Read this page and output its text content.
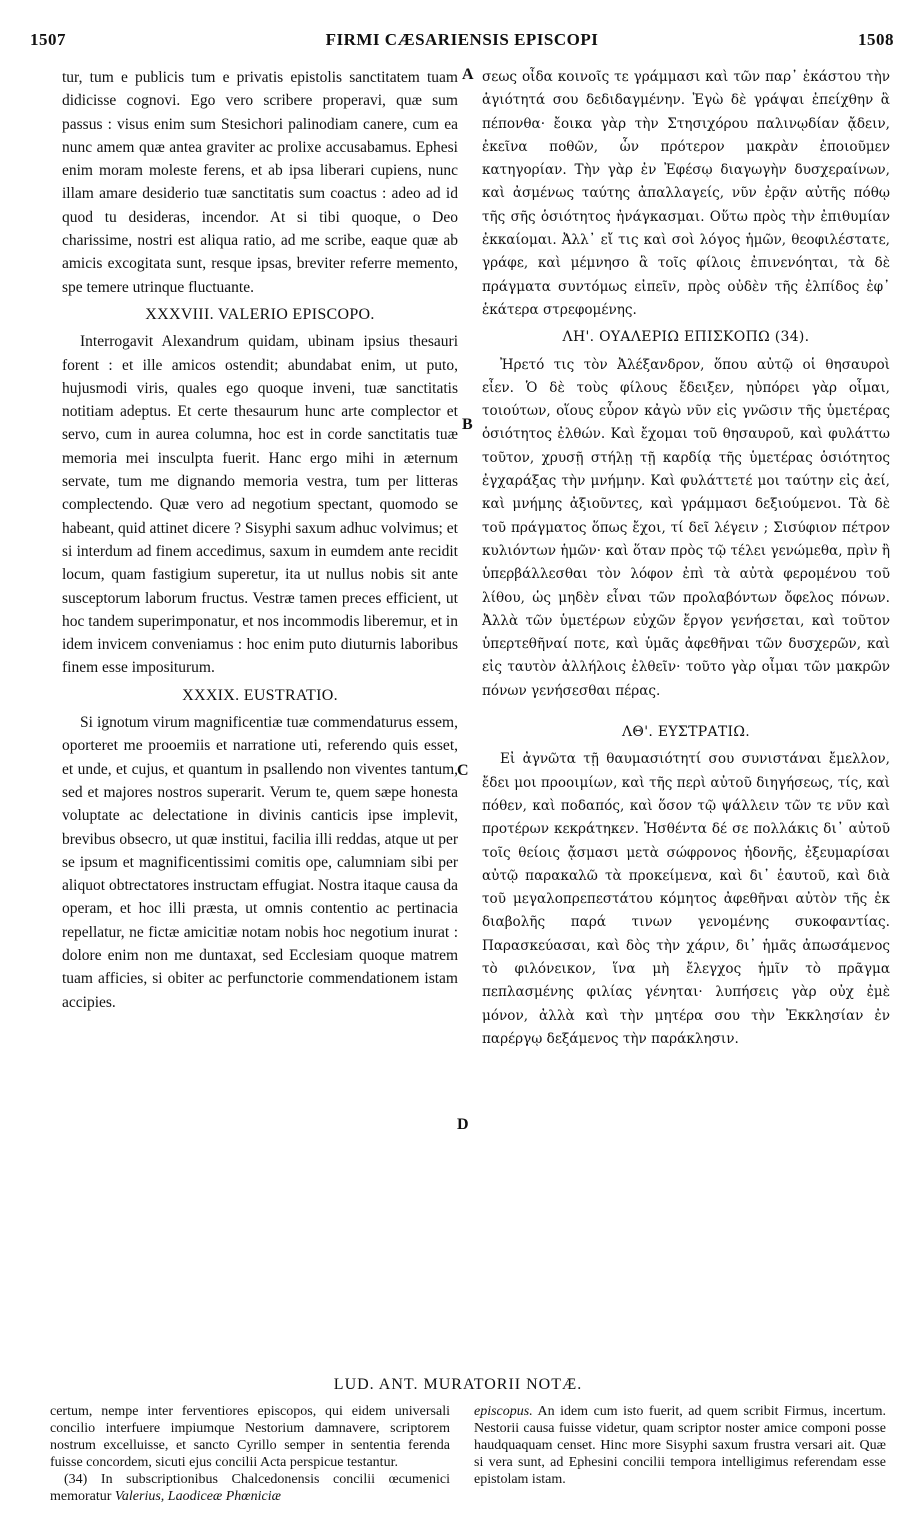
1507	FIRMI CÆSARIENSIS EPISCOPI	1508

tur, tum e publicis tum e privatis epistolis sanctitatem tuam didicisse cognovi. Ego vero scribere properavi, quæ sum passus : visus enim sum Stesichori palinodiam canere, cum ea nunc amem quæ antea graviter ac prolixe accusabamus. Ephesi enim moram moleste ferens, et ab ipsa liberari cupiens, nunc illam amare desiderio tuæ sanctitatis sum coactus : adeo ad id quod tu desideras, incendor. At si tibi quoque, o Deo charissime, nostri est aliqua ratio, ad me scribe, eaque quæ ab amicis excogitata sunt, resque ipsas, breviter referre memento, spe temere utrinque fluctuante.

XXXVIII. VALERIO EPISCOPO.

Interrogavit Alexandrum quidam, ubinam ipsius thesauri forent : et ille amicos ostendit; abundabat enim, ut puto, hujusmodi viris, quales ego quoque inveni, tuæ sanctitatis notitiam adeptus. Et certe thesaurum hunc arte complector et servo, cum in aurea columna, hoc est in corde sanctitatis tuæ memoria mei insculpta fuerit. Hanc ergo mihi in æternum servate, tum me dignando memoria vestra, tum per litteras complectendo. Quæ vero ad negotium spectant, quomodo se habeant, quid attinet dicere ? Sisyphi saxum adhuc volvimus; et si interdum ad finem accedimus, saxum in eumdem ante recidit locum, quam fastigium superetur, ita ut nullus nobis sit ante susceptorum laborum fructus. Vestræ tamen preces efficient, ut hoc tandem superimponatur, et nos incommodis liberemur, et in idem invicem conveniamus : hoc enim puto diuturnis laboribus finem esse impositurum.

XXXIX. EUSTRATIO.

Si ignotum virum magnificentiæ tuæ commendaturus essem, oporteret me prooemiis et narratione uti, referendo quis esset, et unde, et cujus, et quantum in psallendo non viventes tantum, sed et majores nostros superarit. Verum te, quem sæpe honesta voluptate ac delectatione in divinis canticis ipse implevit, brevibus obsecro, ut quæ institui, facilia illi reddas, atque ut per se ipsum et magnificentissimi comitis ope, calumniam sibi per aliquot obtrectatores instructam effugiat. Nostra itaque causa da operam, et hoc illi præsta, ut omnis contentio ac pertinacia repellatur, ne fictæ amicitiæ notam nobis hoc negotium inurat : dolore enim non me duntaxat, sed Ecclesiam quoque matrem tuam afficies, si obiter ac perfunctorie commendationem istam accipies.

A
B
C
D

σεως οἶδα κοινοῖς τε γράμμασι καὶ τῶν παρ᾽ ἑκάστου τὴν ἁγιότητά σου δεδιδαγμένην. Ἐγὼ δὲ γράψαι ἐπείχθην ἃ πέπονθα· ἔοικα γὰρ τὴν Στησιχόρου παλινῳδίαν ᾄδειν, ἐκεῖνα ποθῶν, ὧν πρότερον μακρὰν ἐποιοῦμεν κατηγορίαν. Τὴν γὰρ ἐν Ἐφέσῳ διαγωγὴν δυσχεραίνων, καὶ ἀσμένως ταύτης ἀπαλλαγείς, νῦν ἐρᾷν αὐτῆς πόθῳ τῆς σῆς ὁσιότητος ἠνάγκασμαι. Οὕτω πρὸς τὴν ἐπιθυμίαν ἐκκαίομαι. Ἀλλ᾽ εἴ τις καὶ σοὶ λόγος ἡμῶν, θεοφιλέστατε, γράφε, καὶ μέμνησο ἃ τοῖς φίλοις ἐπινενόηται, τὰ δὲ πράγματα συντόμως εἰπεῖν, πρὸς οὐδὲν τῆς ἐλπίδος ἐφ᾽ ἑκάτερα στρεφομένης.

ΛΗ'. ΟΥΑΛΕΡΙΩ ΕΠΙΣΚΟΠΩ (34).

Ἠρετό τις τὸν Ἀλέξανδρον, ὅπου αὐτῷ οἱ θησαυροὶ εἶεν. Ὁ δὲ τοὺς φίλους ἔδειξεν, ηὐπόρει γὰρ οἶμαι, τοιούτων, οἵους εὗρον κἀγὼ νῦν εἰς γνῶσιν τῆς ὑμετέρας ὁσιότητος ἐλθών. Καὶ ἔχομαι τοῦ θησαυροῦ, καὶ φυλάττω τοῦτον, χρυσῇ στήλῃ τῇ καρδίᾳ τῆς ὑμετέρας ὁσιότητος ἐγχαράξας τὴν μνήμην. Καὶ φυλάττετέ μοι ταύτην εἰς ἀεί, καὶ μνήμης ἀξιοῦντες, καὶ γράμμασι δεξιούμενοι. Τὰ δὲ τοῦ πράγματος ὅπως ἔχοι, τί δεῖ λέγειν ; Σισύφιον πέτρον κυλιόντων ἡμῶν· καὶ ὅταν πρὸς τῷ τέλει γενώμεθα, πρὶν ἢ ὑπερβάλλεσθαι τὸν λόφον ἐπὶ τὰ αὐτὰ φερομένου τοῦ λίθου, ὡς μηδὲν εἶναι τῶν προλαβόντων ὄφελος πόνων. Ἀλλὰ τῶν ὑμετέρων εὐχῶν ἔργον γενήσεται, καὶ τοῦτον ὑπερτεθῆναί ποτε, καὶ ὑμᾶς ἀφεθῆναι τῶν δυσχερῶν, καὶ εἰς ταυτὸν ἀλλήλοις ἐλθεῖν· τοῦτο γὰρ οἶμαι τῶν μακρῶν πόνων γενήσεσθαι πέρας.

ΛΘ'. ΕΥΣΤΡΑΤΙΩ.

Εἰ ἀγνῶτα τῇ θαυμασιότητί σου συνιστάναι ἔμελλον, ἔδει μοι προοιμίων, καὶ τῆς περὶ αὐτοῦ διηγήσεως, τίς, καὶ πόθεν, καὶ ποδαπός, καὶ ὅσον τῷ ψάλλειν τῶν τε νῦν καὶ προτέρων κεκράτηκεν. Ἡσθέντα δέ σε πολλάκις δι᾽ αὐτοῦ τοῖς θείοις ᾄσμασι μετὰ σώφρονος ἡδονῆς, ἐξευμαρίσαι αὐτῷ παρακαλῶ τὰ προκείμενα, καὶ δι᾽ ἑαυτοῦ, καὶ διὰ τοῦ μεγαλοπρεπεστάτου κόμητος ἀφεθῆναι αὐτὸν τῆς ἐκ διαβολῆς παρά τινων γενομένης συκοφαντίας. Παρασκεύασαι, καὶ δὸς τὴν χάριν, δι᾽ ἡμᾶς ἀπωσάμενος τὸ φιλόνεικον, ἵνα μὴ ἔλεγχος ἡμῖν τὸ πρᾶγμα πεπλασμένης φιλίας γένηται· λυπήσεις γὰρ οὐχ ἐμὲ μόνον, ἀλλὰ καὶ τὴν μητέρα σου τὴν Ἐκκλησίαν ἐν παρέργῳ δεξάμενος τὴν παράκλησιν.

LUD. ANT. MURATORII NOTÆ.

certum, nempe inter ferventiores episcopos, qui eidem universali concilio interfuere impiumque Nestorium damnavere, scriptorem nostrum excelluisse, et sancto Cyrillo semper in sententia ferenda fuisse concordem, sicuti ejus concilii Acta perspicue testantur.

(34) In subscriptionibus Chalcedonensis concilii œcumenici memoratur Valerius, Laodiceæ Phœniciæ

episcopus. An idem cum isto fuerit, ad quem scribit Firmus, incertum. Nestorii causa fuisse videtur, quam scriptor noster amice componi posse haudquaquam censet. Hinc more Sisyphi saxum frustra versari ait. Quæ si vera sunt, ad Ephesini concilii tempora intelligimus referendam esse epistolam istam.
